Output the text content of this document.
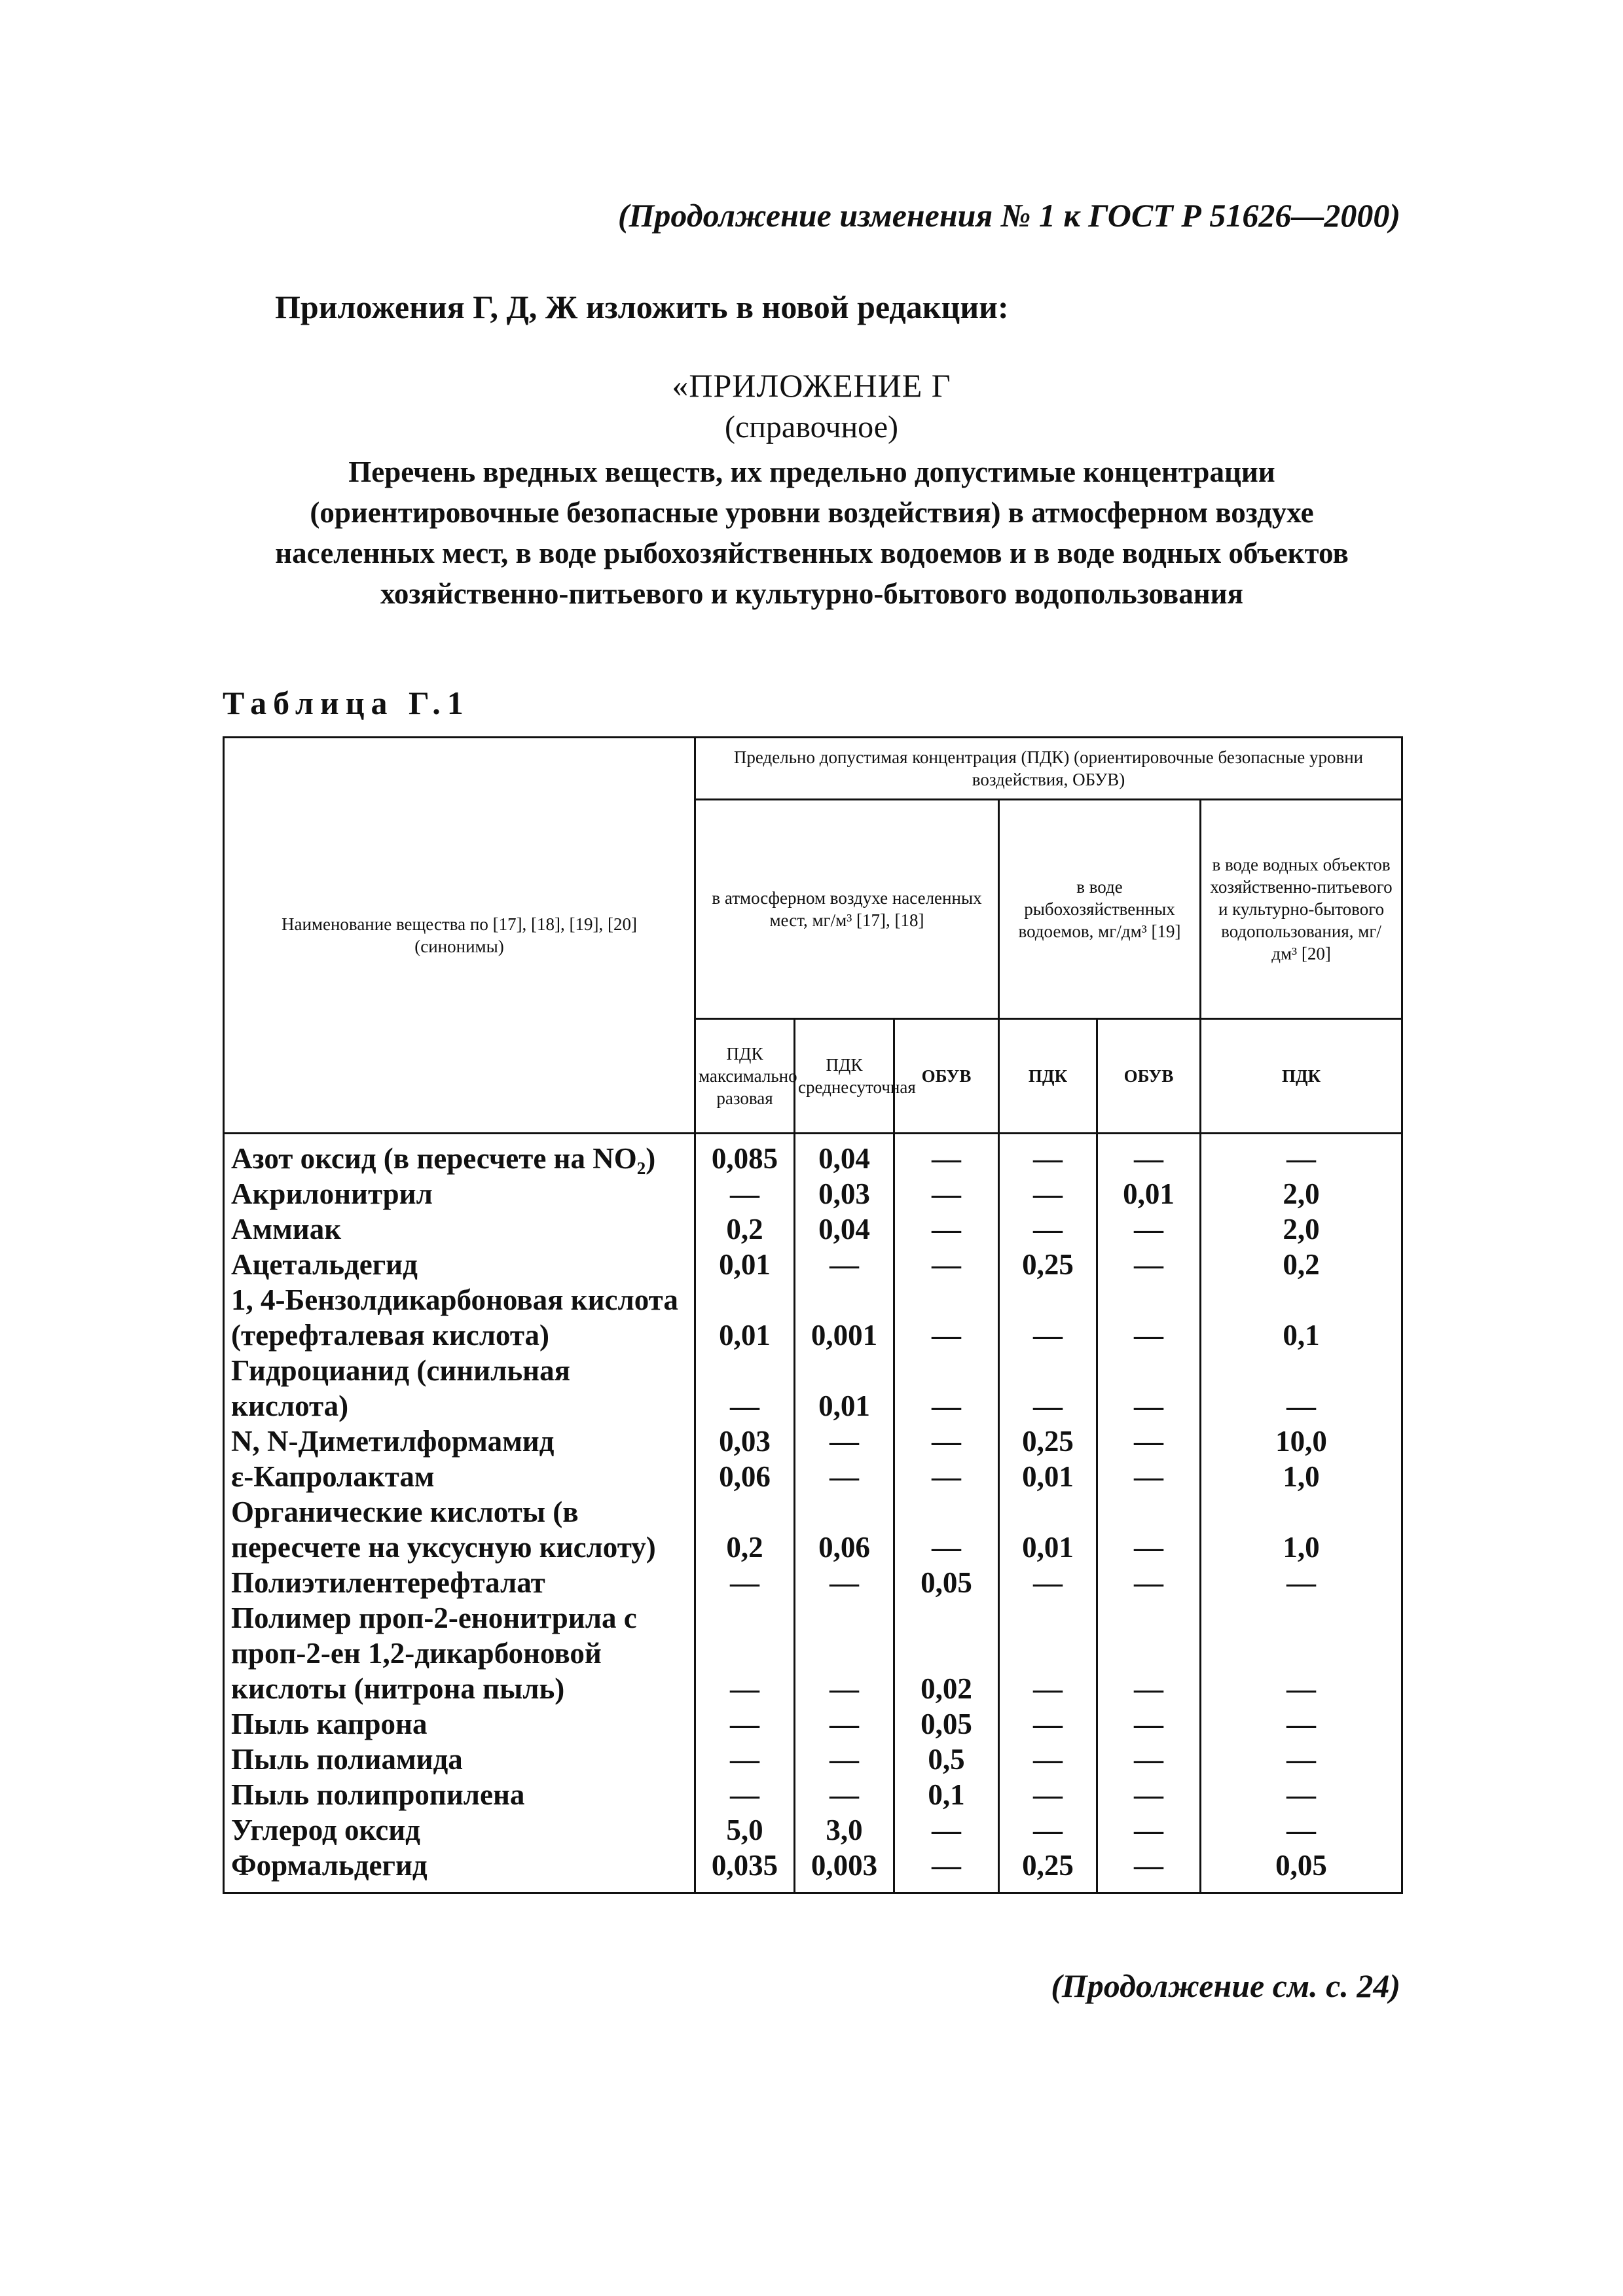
(Продолжение изменения № 1 к ГОСТ Р 51626—2000)
Приложения Г, Д, Ж изложить в новой редакции:
«ПРИЛОЖЕНИЕ Г
(справочное)
Перечень вредных веществ, их предельно допустимые концентрации (ориентировочные безопасные уровни воздействия) в атмосферном воздухе населенных мест, в воде рыбохозяйственных водоемов и в воде водных объектов хозяйственно-питьевого и культурно-бытового водопользования
Таблица Г.1
Наименование вещества по [17], [18], [19], [20] (синонимы)	Предельно допустимая концентрация (ПДК) (ориентировочные безопасные уровни воздействия, ОБУВ)					

	в атмосферном воздухе населенных мест, мг/м³ [17], [18]			в воде рыбохозяйственных водоемов, мг/дм³ [19]		в воде водных объектов хозяйственно-питьевого и культурно-бытового водопользования, мг/дм³ [20]

	ПДК максимально разовая	ПДК среднесуточная	ОБУВ	ПДК	ОБУВ	ПДК
Азот оксид (в пересчете на NO₂)	0,085	0,04	—	—	—	—
Акрилонитрил	—	0,03	—	—	0,01	2,0
Аммиак	0,2	0,04	—	—	—	2,0
Ацетальдегид	0,01	—	—	0,25	—	0,2
1, 4-Бензолдикарбоновая кислота (терефталевая кислота)	0,01	0,001	—	—	—	0,1
Гидроцианид (синильная кислота)	—	0,01	—	—	—	—
N, N-Диметилформамид	0,03	—	—	0,25	—	10,0
ε-Капролактам	0,06	—	—	0,01	—	1,0
Органические кислоты (в пересчете на уксусную кислоту)	0,2	0,06	—	0,01	—	1,0
Полиэтилентерефталат	—	—	0,05	—	—	—
Полимер проп-2-енонитрила с проп-2-ен 1,2-дикарбоновой кислоты (нитрона пыль)	—	—	0,02	—	—	—
Пыль капрона	—	—	0,05	—	—	—
Пыль полиамида	—	—	0,5	—	—	—
Пыль полипропилена	—	—	0,1	—	—	—
Углерод оксид	5,0	3,0	—	—	—	—
Формальдегид	0,035	0,003	—	0,25	—	0,05
(Продолжение см. с. 24)
